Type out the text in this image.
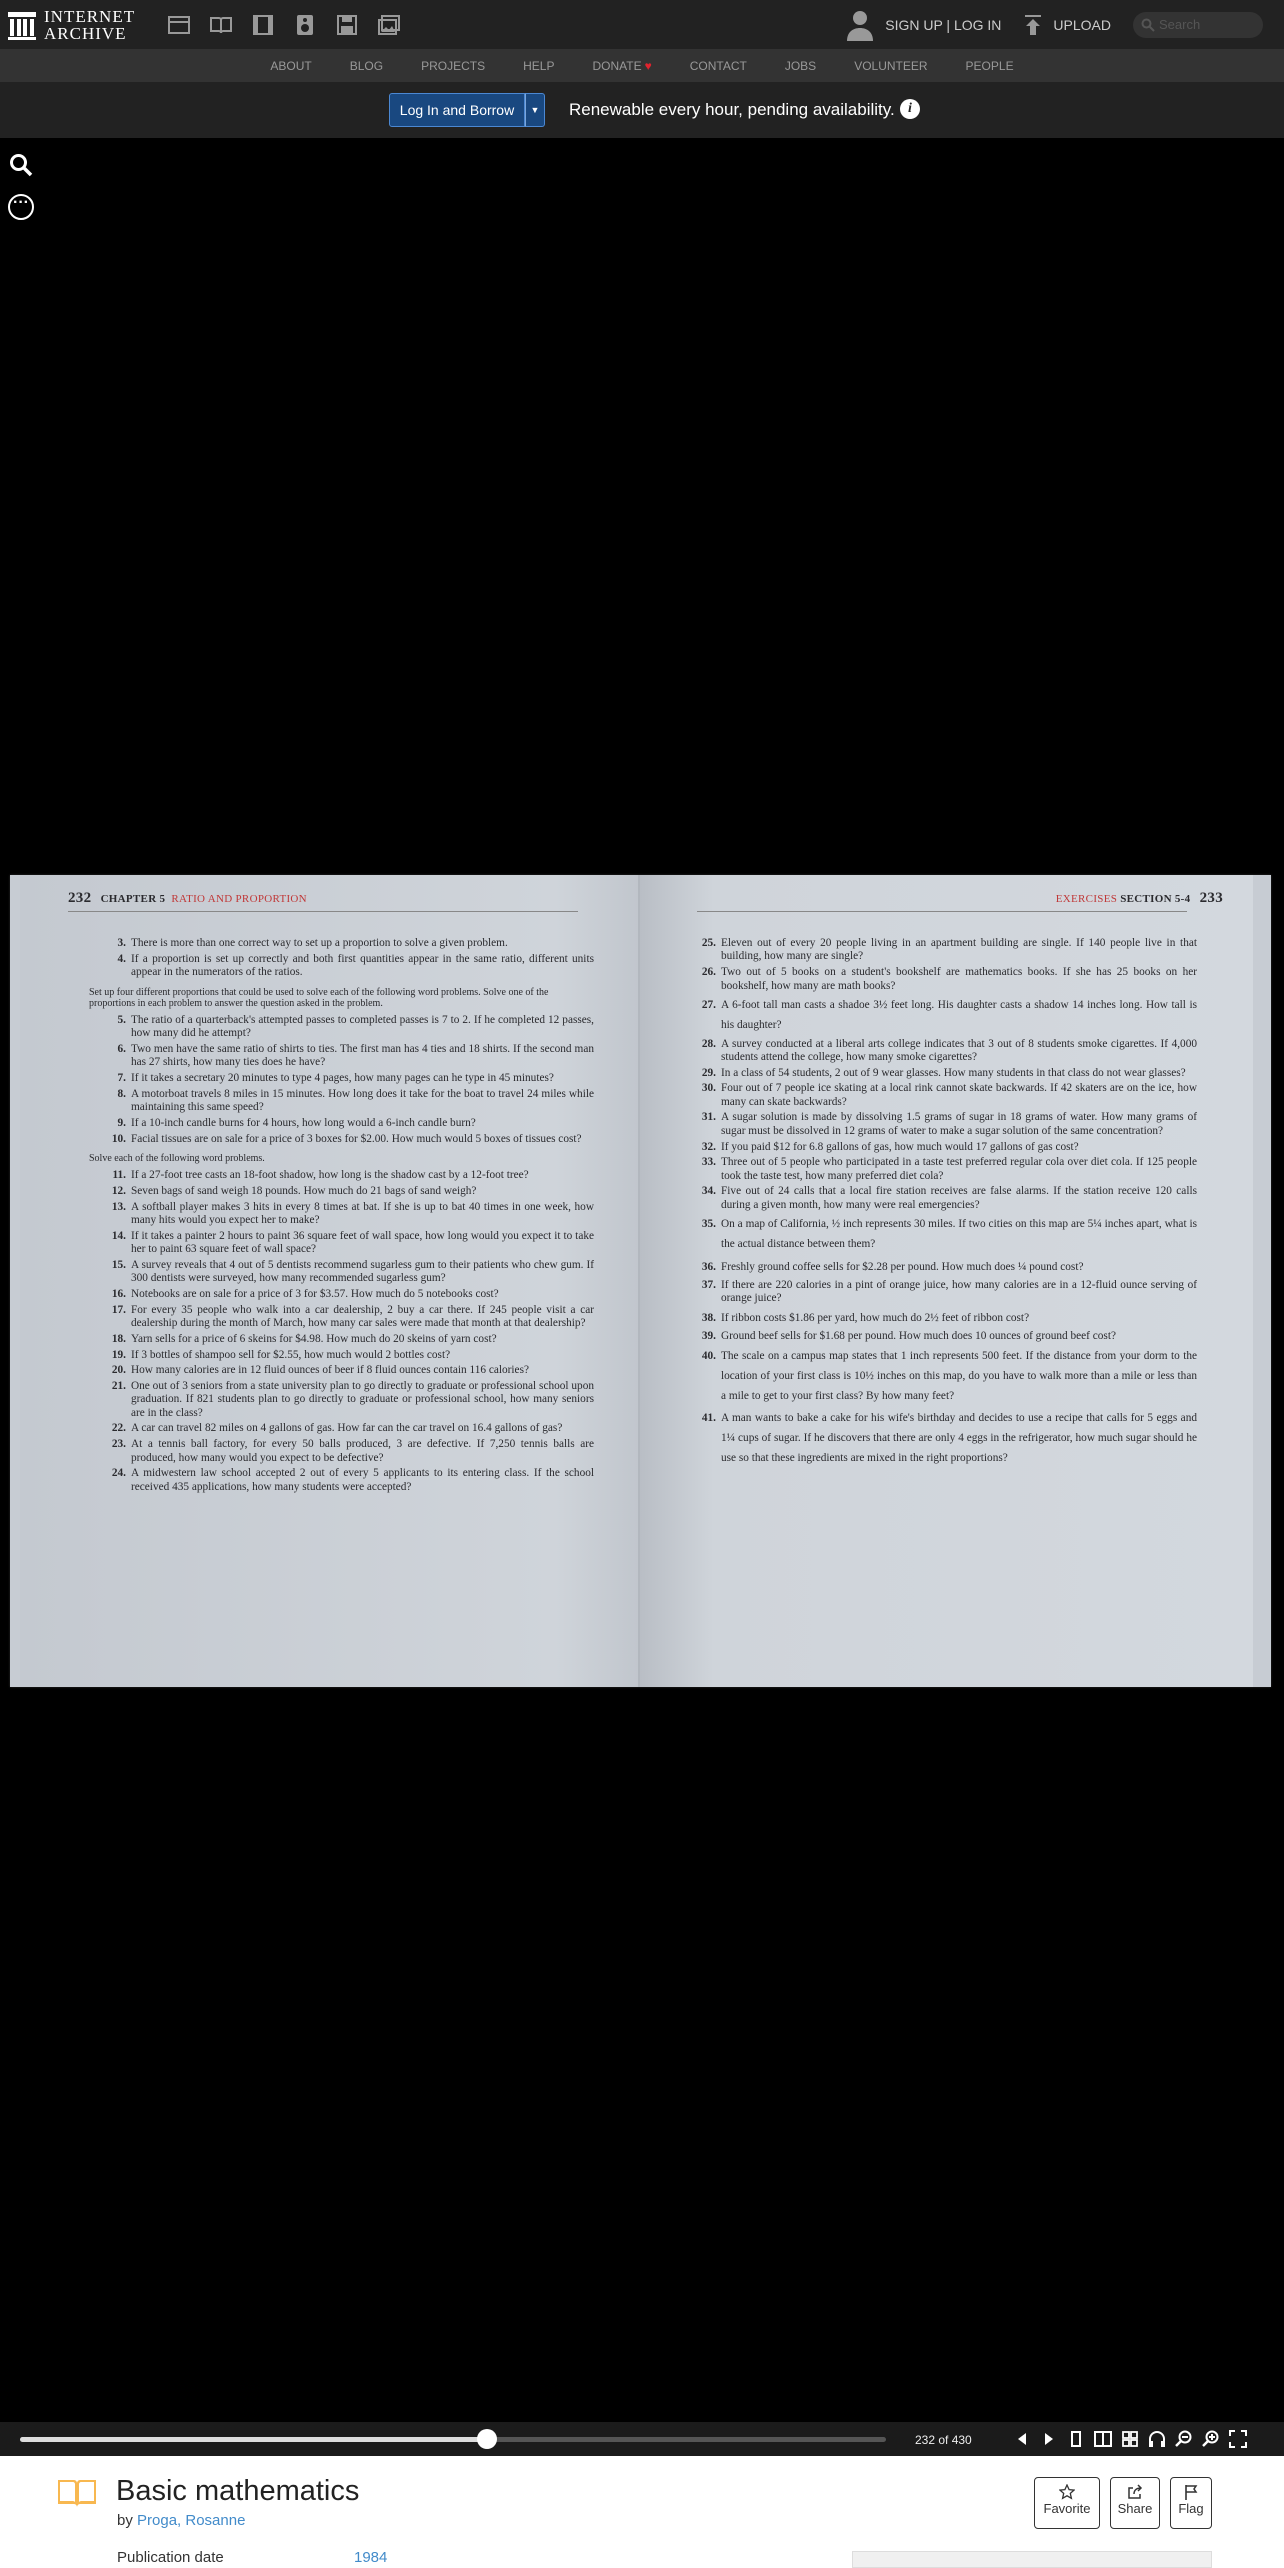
INTERNET
ARCHIVE	SIGN UP | LOG IN	UPLOAD
Search
ABOUT	BLOG	PROJECTS	HELP	DONATE ♥	CONTACT	JOBS	VOLUNTEER	PEOPLE
Log In and Borrow	▼	Renewable every hour, pending availability. i
···
232 CHAPTER 5 RATIO AND PROPORTION
3. There is more than one correct way to set up a proportion to solve a given problem.
4. If a proportion is set up correctly and both first quantities appear in the same ratio, different units appear in the numerators of the ratios.
Set up four different proportions that could be used to solve each of the following word problems. Solve one of the proportions in each problem to answer the question asked in the problem.
5. The ratio of a quarterback's attempted passes to completed passes is 7 to 2. If he completed 12 passes, how many did he attempt?
6. Two men have the same ratio of shirts to ties. The first man has 4 ties and 18 shirts. If the second man has 27 shirts, how many ties does he have?
7. If it takes a secretary 20 minutes to type 4 pages, how many pages can he type in 45 minutes?
8. A motorboat travels 8 miles in 15 minutes. How long does it take for the boat to travel 24 miles while maintaining this same speed?
9. If a 10-inch candle burns for 4 hours, how long would a 6-inch candle burn?
10. Facial tissues are on sale for a price of 3 boxes for $2.00. How much would 5 boxes of tissues cost?
Solve each of the following word problems.
11. If a 27-foot tree casts an 18-foot shadow, how long is the shadow cast by a 12-foot tree?
12. Seven bags of sand weigh 18 pounds. How much do 21 bags of sand weigh?
13. A softball player makes 3 hits in every 8 times at bat. If she is up to bat 40 times in one week, how many hits would you expect her to make?
14. If it takes a painter 2 hours to paint 36 square feet of wall space, how long would you expect it to take her to paint 63 square feet of wall space?
15. A survey reveals that 4 out of 5 dentists recommend sugarless gum to their patients who chew gum. If 300 dentists were surveyed, how many recommended sugarless gum?
16. Notebooks are on sale for a price of 3 for $3.57. How much do 5 notebooks cost?
17. For every 35 people who walk into a car dealership, 2 buy a car there. If 245 people visit a car dealership during the month of March, how many car sales were made that month at that dealership?
18. Yarn sells for a price of 6 skeins for $4.98. How much do 20 skeins of yarn cost?
19. If 3 bottles of shampoo sell for $2.55, how much would 2 bottles cost?
20. How many calories are in 12 fluid ounces of beer if 8 fluid ounces contain 116 calories?
21. One out of 3 seniors from a state university plan to go directly to graduate or professional school upon graduation. If 821 students plan to go directly to graduate or professional school, how many seniors are in the class?
22. A car can travel 82 miles on 4 gallons of gas. How far can the car travel on 16.4 gallons of gas?
23. At a tennis ball factory, for every 50 balls produced, 3 are defective. If 7,250 tennis balls are produced, how many would you expect to be defective?
24. A midwestern law school accepted 2 out of every 5 applicants to its entering class. If the school received 435 applications, how many students were accepted?
EXERCISES SECTION 5-4 233
25. Eleven out of every 20 people living in an apartment building are single. If 140 people live in that building, how many are single?
26. Two out of 5 books on a student's bookshelf are mathematics books. If she has 25 books on her bookshelf, how many are math books?
27. A 6-foot tall man casts a shadoe 3½ feet long. His daughter casts a shadow 14 inches long. How tall is his daughter?
28. A survey conducted at a liberal arts college indicates that 3 out of 8 students smoke cigarettes. If 4,000 students attend the college, how many smoke cigarettes?
29. In a class of 54 students, 2 out of 9 wear glasses. How many students in that class do not wear glasses?
30. Four out of 7 people ice skating at a local rink cannot skate backwards. If 42 skaters are on the ice, how many can skate backwards?
31. A sugar solution is made by dissolving 1.5 grams of sugar in 18 grams of water. How many grams of sugar must be dissolved in 12 grams of water to make a sugar solution of the same concentration?
32. If you paid $12 for 6.8 gallons of gas, how much would 17 gallons of gas cost?
33. Three out of 5 people who participated in a taste test preferred regular cola over diet cola. If 125 people took the taste test, how many preferred diet cola?
34. Five out of 24 calls that a local fire station receives are false alarms. If the station receive 120 calls during a given month, how many were real emergencies?
35. On a map of California, ½ inch represents 30 miles. If two cities on this map are 5¼ inches apart, what is the actual distance between them?
36. Freshly ground coffee sells for $2.28 per pound. How much does ¼ pound cost?
37. If there are 220 calories in a pint of orange juice, how many calories are in a 12-fluid ounce serving of orange juice?
38. If ribbon costs $1.86 per yard, how much do 2½ feet of ribbon cost?
39. Ground beef sells for $1.68 per pound. How much does 10 ounces of ground beef cost?
40. The scale on a campus map states that 1 inch represents 500 feet. If the distance from your dorm to the location of your first class is 10½ inches on this map, do you have to walk more than a mile or less than a mile to get to your first class? By how many feet?
41. A man wants to bake a cake for his wife's birthday and decides to use a recipe that calls for 5 eggs and 1¼ cups of sugar. If he discovers that there are only 4 eggs in the refrigerator, how much sugar should he use so that these ingredients are mixed in the right proportions?
232 of 430
Basic mathematics
by Proga, Rosanne
Favorite	Share	Flag
Publication date	1984
